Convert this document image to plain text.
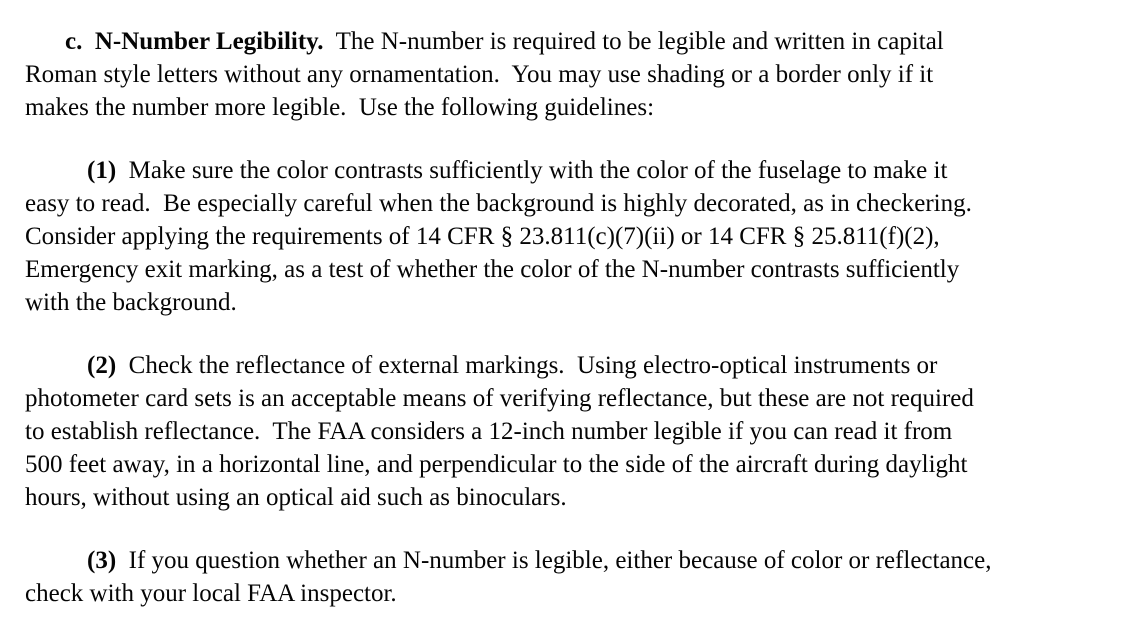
c.  N-Number Legibility.  The N-number is required to be legible and written in capital
Roman style letters without any ornamentation.  You may use shading or a border only if it
makes the number more legible.  Use the following guidelines:
(1)  Make sure the color contrasts sufficiently with the color of the fuselage to make it
easy to read.  Be especially careful when the background is highly decorated, as in checkering.
Consider applying the requirements of 14 CFR § 23.811(c)(7)(ii) or 14 CFR § 25.811(f)(2),
Emergency exit marking, as a test of whether the color of the N-number contrasts sufficiently
with the background.
(2)  Check the reflectance of external markings.  Using electro-optical instruments or
photometer card sets is an acceptable means of verifying reflectance, but these are not required
to establish reflectance.  The FAA considers a 12-inch number legible if you can read it from
500 feet away, in a horizontal line, and perpendicular to the side of the aircraft during daylight
hours, without using an optical aid such as binoculars.
(3)  If you question whether an N-number is legible, either because of color or reflectance,
check with your local FAA inspector.
